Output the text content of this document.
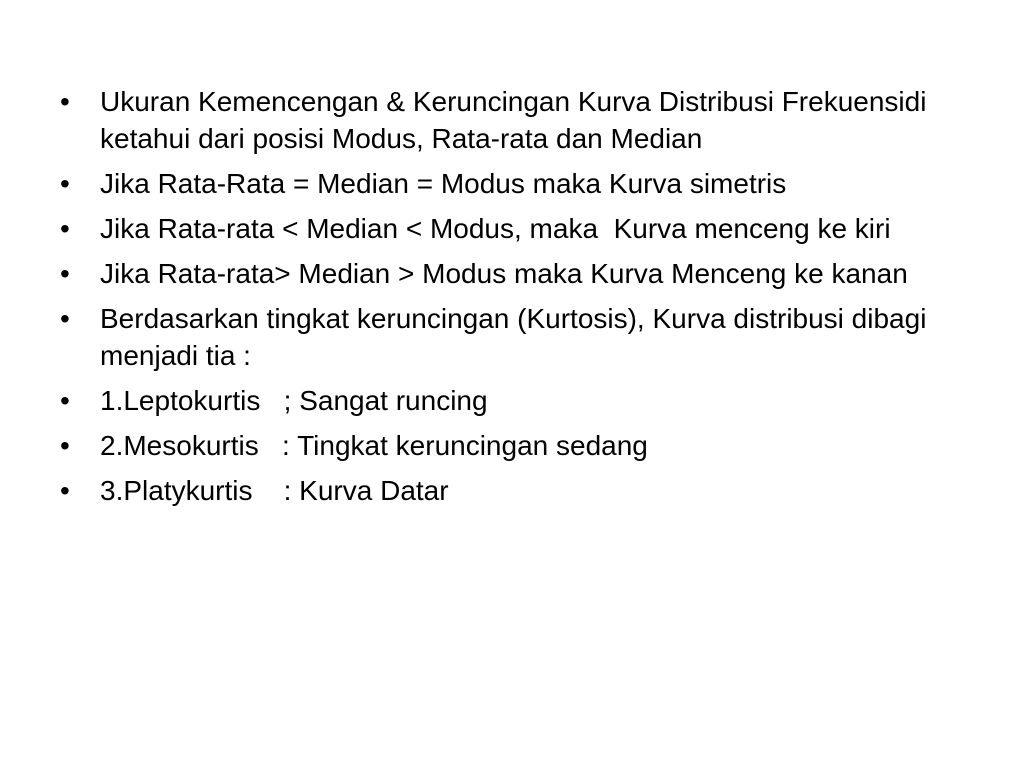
•	Ukuran Kemencengan & Keruncingan Kurva Distribusi Frekuensidi ketahui dari posisi Modus, Rata-rata dan Median
•	Jika Rata-Rata = Median = Modus maka Kurva simetris
•	Jika Rata-rata < Median < Modus, maka  Kurva menceng ke kiri
•	Jika Rata-rata> Median > Modus maka Kurva Menceng ke kanan
•	Berdasarkan tingkat keruncingan (Kurtosis), Kurva distribusi dibagi menjadi tia :
•	1.Leptokurtis   ; Sangat runcing
•	2.Mesokurtis   : Tingkat keruncingan sedang
•	3.Platykurtis    : Kurva Datar
